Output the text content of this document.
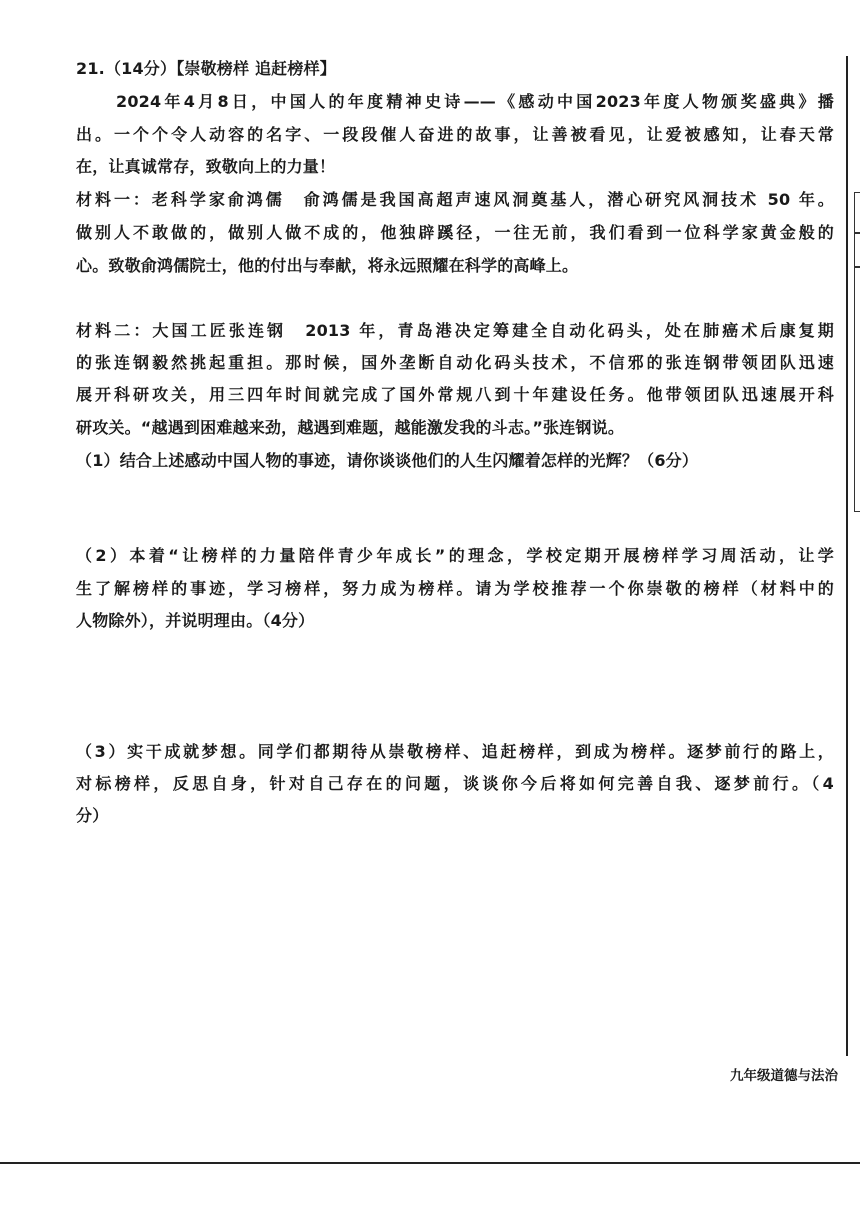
21.（14分）【崇敬榜样 追赶榜样】
2024年4月8日，中国人的年度精神史诗——《感动中国2023年度人物颁奖盛典》播
出。一个个令人动容的名字、一段段催人奋进的故事，让善被看见，让爱被感知，让春天常
在，让真诚常存，致敬向上的力量！
材料一：老科学家俞鸿儒　俞鸿儒是我国高超声速风洞奠基人，潜心研究风洞技术 50 年。
做别人不敢做的，做别人做不成的，他独辟蹊径，一往无前，我们看到一位科学家黄金般的
心。致敬俞鸿儒院士，他的付出与奉献，将永远照耀在科学的高峰上。
材料二：大国工匠张连钢　2013 年，青岛港决定筹建全自动化码头，处在肺癌术后康复期
的张连钢毅然挑起重担。那时候，国外垄断自动化码头技术，不信邪的张连钢带领团队迅速
展开科研攻关，用三四年时间就完成了国外常规八到十年建设任务。他带领团队迅速展开科
研攻关。“越遇到困难越来劲，越遇到难题，越能激发我的斗志。”张连钢说。
（1）结合上述感动中国人物的事迹，请你谈谈他们的人生闪耀着怎样的光辉？（6分）
（2）本着“让榜样的力量陪伴青少年成长”的理念，学校定期开展榜样学习周活动，让学
生了解榜样的事迹，学习榜样，努力成为榜样。请为学校推荐一个你崇敬的榜样（材料中的
人物除外），并说明理由。（4分）
（3）实干成就梦想。同学们都期待从崇敬榜样、追赶榜样，到成为榜样。逐梦前行的路上，
对标榜样，反思自身，针对自己存在的问题，谈谈你今后将如何完善自我、逐梦前行。（4
分）
九年级道德与法治
